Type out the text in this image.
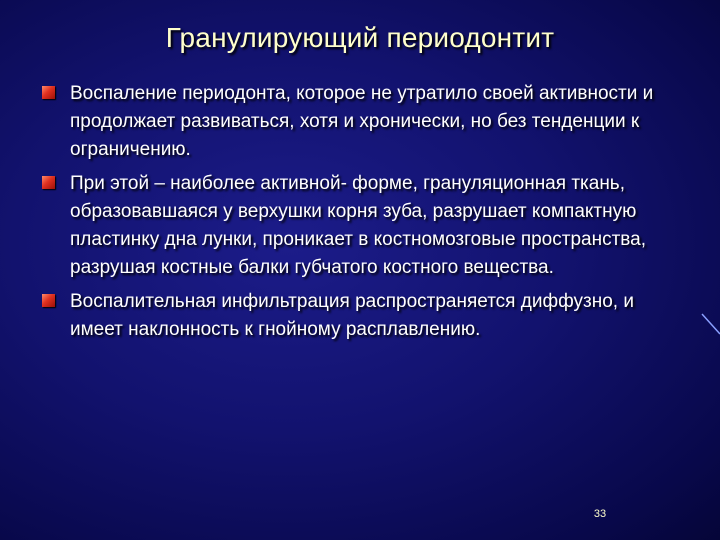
Гранулирующий периодонтит
Воспаление периодонта, которое не утратило своей активности и продолжает развиваться, хотя и хронически, но без тенденции к ограничению.
При этой – наиболее активной- форме, грануляционная ткань, образовавшаяся у верхушки корня зуба, разрушает компактную пластинку дна лунки, проникает в костномозговые пространства, разрушая костные балки губчатого костного вещества.
Воспалительная инфильтрация распространяется диффузно, и имеет наклонность к гнойному расплавлению.
33
